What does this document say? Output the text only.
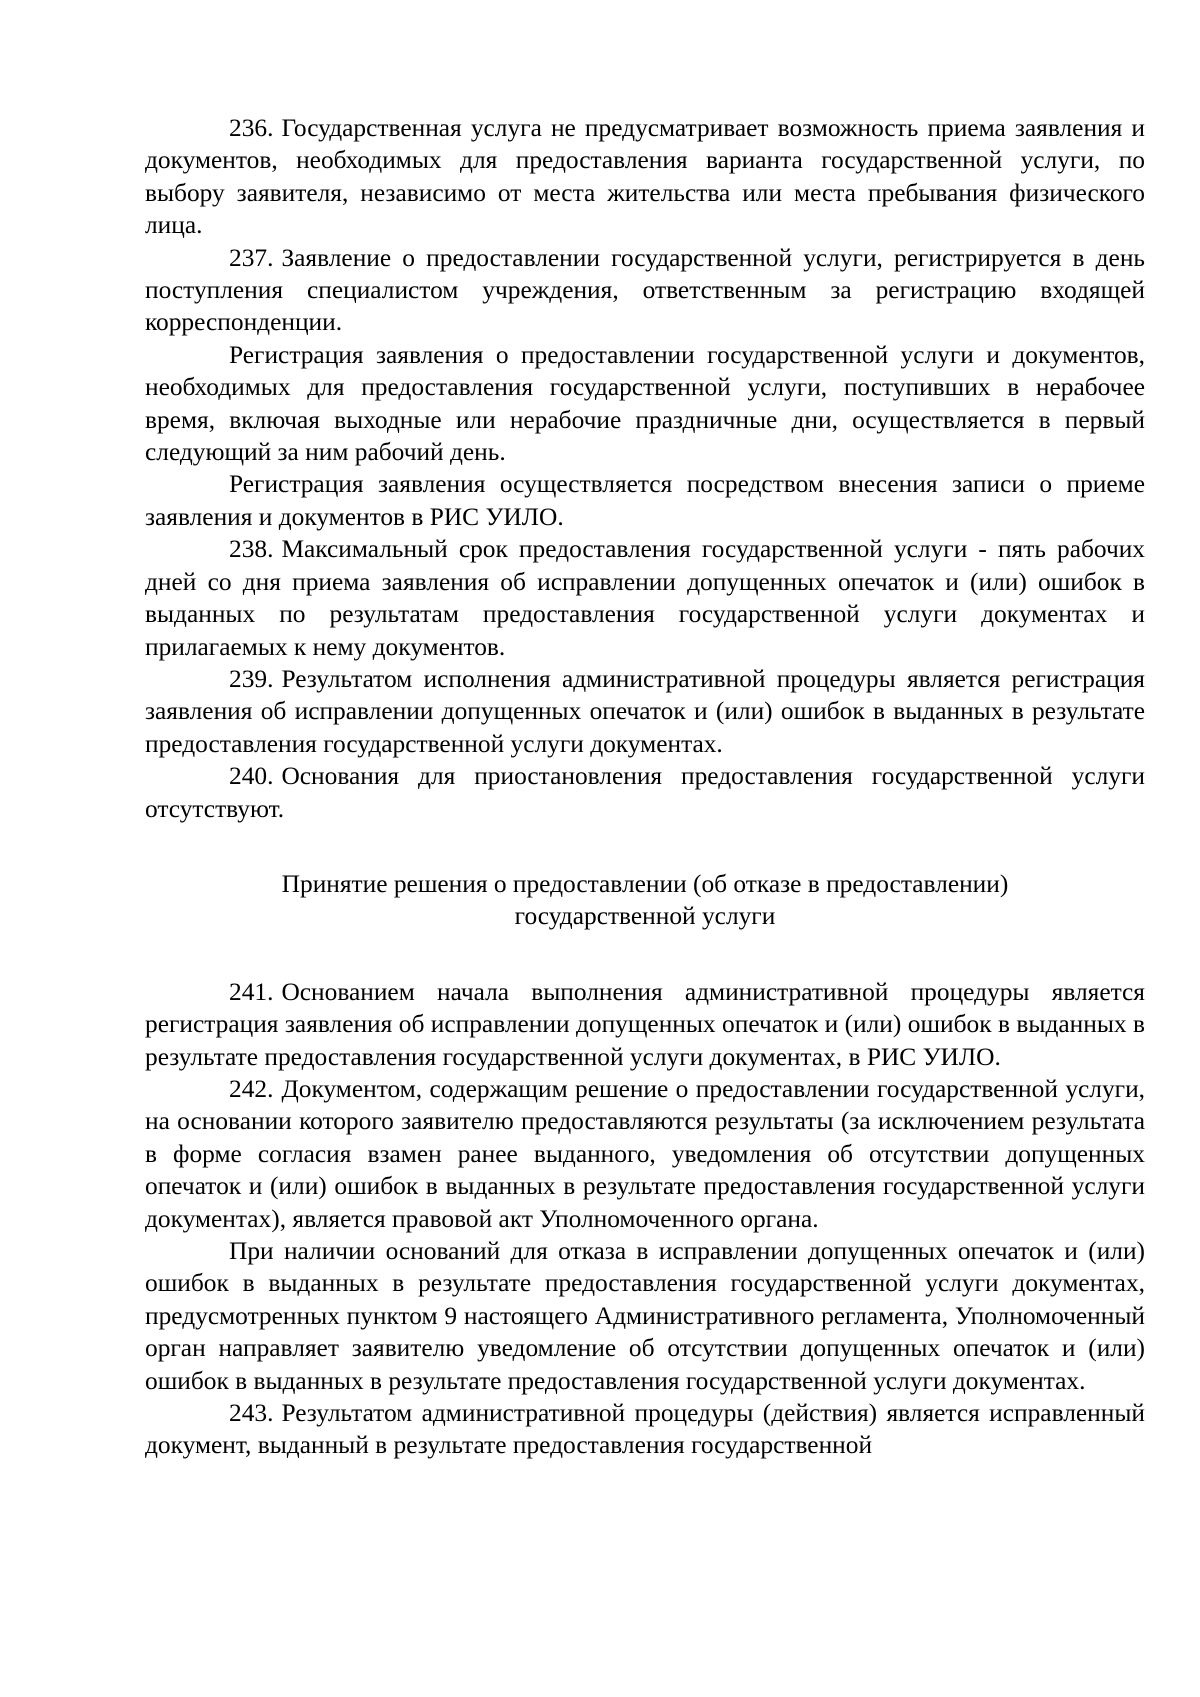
236. Государственная услуга не предусматривает возможность приема заявления и документов, необходимых для предоставления варианта государственной услуги, по выбору заявителя, независимо от места жительства или места пребывания физического лица.

237. Заявление о предоставлении государственной услуги, регистрируется в день поступления специалистом учреждения, ответственным за регистрацию входящей корреспонденции.

Регистрация заявления о предоставлении государственной услуги и документов, необходимых для предоставления государственной услуги, поступивших в нерабочее время, включая выходные или нерабочие праздничные дни, осуществляется в первый следующий за ним рабочий день.

Регистрация заявления осуществляется посредством внесения записи о приеме заявления и документов в РИС УИЛО.

238. Максимальный срок предоставления государственной услуги - пять рабочих дней со дня приема заявления об исправлении допущенных опечаток и (или) ошибок в выданных по результатам предоставления государственной услуги документах и прилагаемых к нему документов.

239. Результатом исполнения административной процедуры является регистрация заявления об исправлении допущенных опечаток и (или) ошибок в выданных в результате предоставления государственной услуги документах.

240. Основания для приостановления предоставления государственной услуги отсутствуют.

Принятие решения о предоставлении (об отказе в предоставлении)
государственной услуги

241. Основанием начала выполнения административной процедуры является регистрация заявления об исправлении допущенных опечаток и (или) ошибок в выданных в результате предоставления государственной услуги документах, в РИС УИЛО.

242. Документом, содержащим решение о предоставлении государственной услуги, на основании которого заявителю предоставляются результаты (за исключением результата в форме согласия взамен ранее выданного, уведомления об отсутствии допущенных опечаток и (или) ошибок в выданных в результате предоставления государственной услуги документах), является правовой акт Уполномоченного органа.

При наличии оснований для отказа в исправлении допущенных опечаток и (или) ошибок в выданных в результате предоставления государственной услуги документах, предусмотренных пунктом 9 настоящего Административного регламента, Уполномоченный орган направляет заявителю уведомление об отсутствии допущенных опечаток и (или) ошибок в выданных в результате предоставления государственной услуги документах.

243. Результатом административной процедуры (действия) является исправленный документ, выданный в результате предоставления государственной
